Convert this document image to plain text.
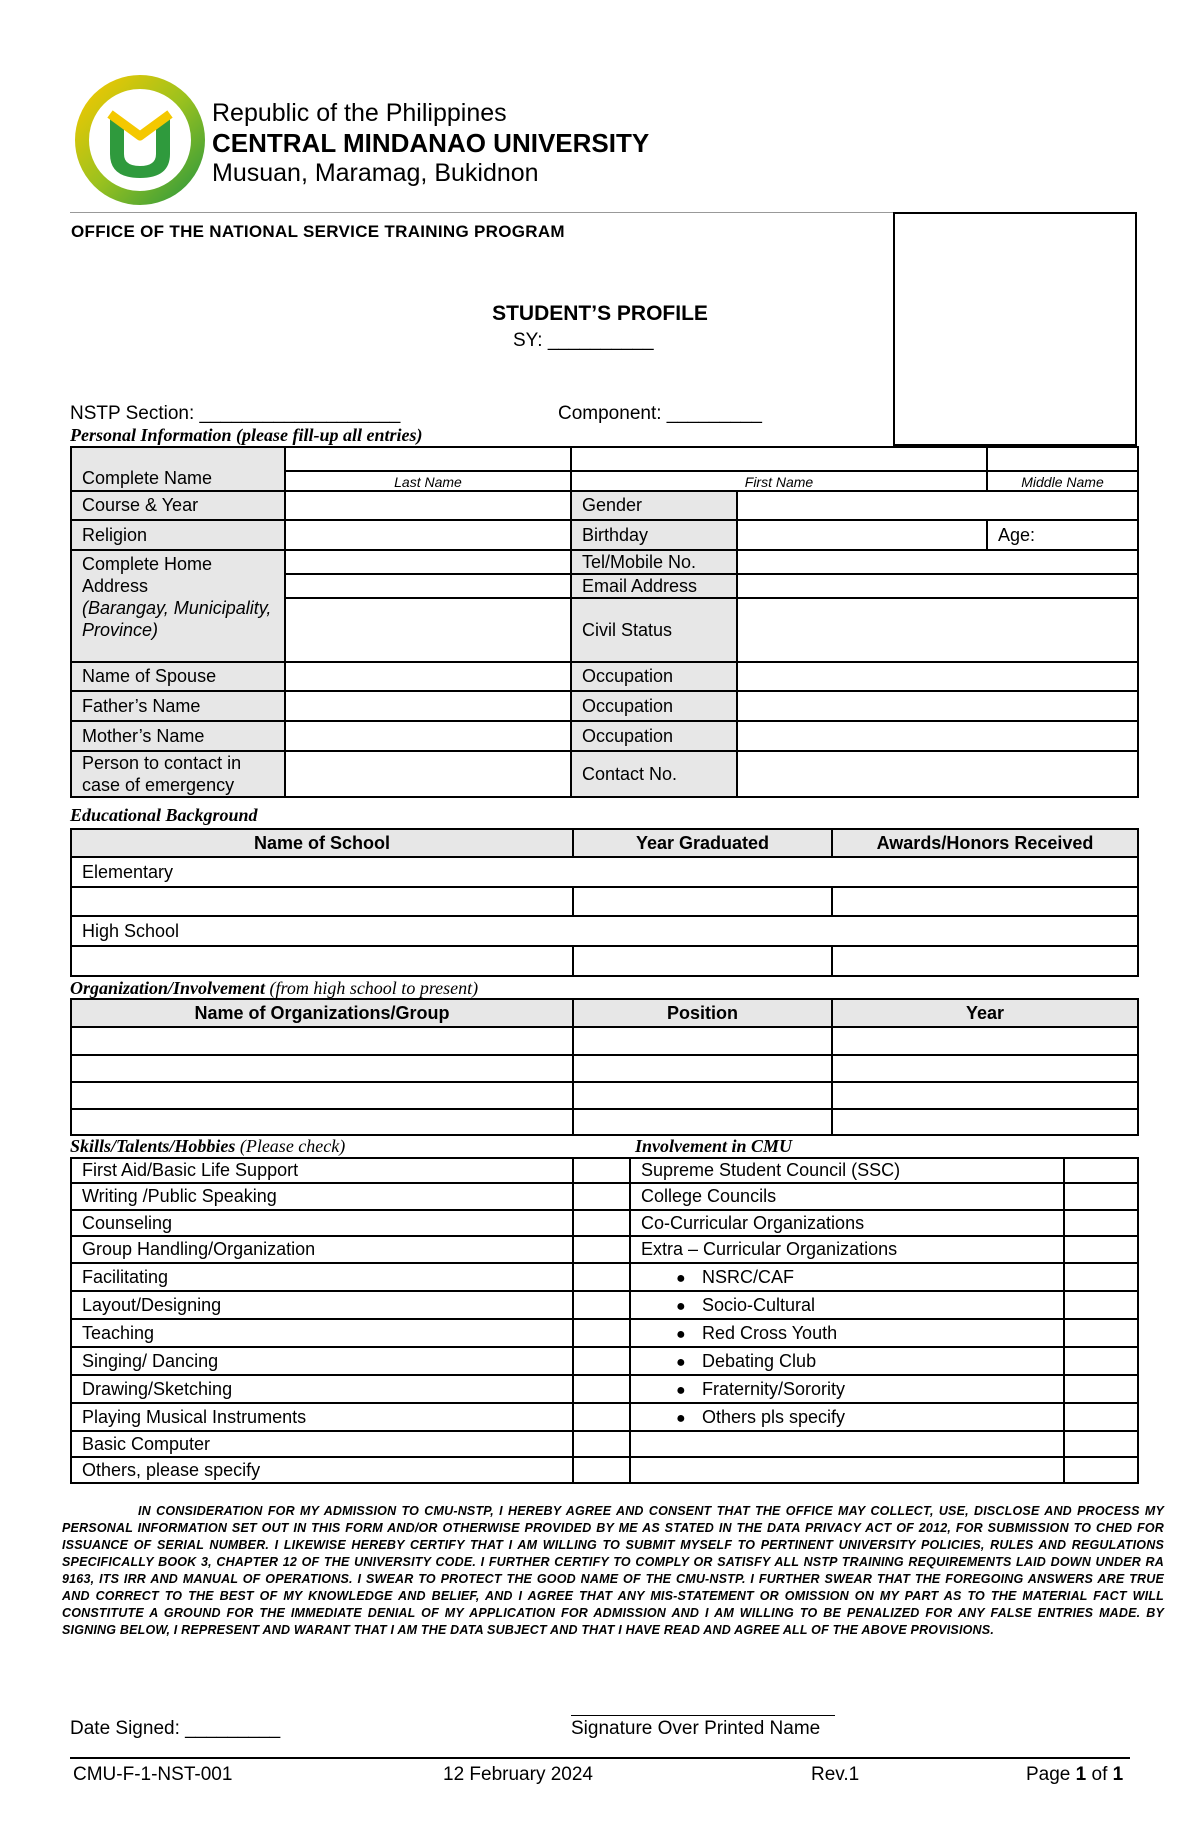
Republic of the Philippines
CENTRAL MINDANAO UNIVERSITY
Musuan, Maramag, Bukidnon
OFFICE OF THE NATIONAL SERVICE TRAINING PROGRAM
STUDENT’S PROFILE
SY: __________
NSTP Section: ___________________	Component: _________
Personal Information (please fill-up all entries)
Complete Name				
	Last Name	First Name		Middle Name
Course & Year		Gender		
Religion		Birthday		Age:
Complete Home Address
(Barangay, Municipality, Province)		Tel/Mobile No.		
		Email Address		
		Civil Status		
Name of Spouse		Occupation		
Father’s Name		Occupation		
Mother’s Name		Occupation		
Person to contact in case of emergency		Contact No.		
Educational Background
Name of School	Year Graduated	Awards/Honors Received
Elementary		

High School		

Organization/Involvement (from high school to present)
Name of Organizations/Group	Position	Year

Skills/Talents/Hobbies (Please check)	Involvement in CMU
First Aid/Basic Life Support		Supreme Student Council (SSC)	
Writing /Public Speaking		College Councils	
Counseling		Co-Curricular Organizations	
Group Handling/Organization		Extra – Curricular Organizations	
Facilitating		● NSRC/CAF	
Layout/Designing		● Socio-Cultural	
Teaching		● Red Cross Youth	
Singing/ Dancing		● Debating Club	
Drawing/Sketching		● Fraternity/Sorority	
Playing Musical Instruments		● Others pls specify	
Basic Computer			
Others, please specify			
IN CONSIDERATION FOR MY ADMISSION TO CMU-NSTP, I HEREBY AGREE AND CONSENT THAT THE OFFICE MAY COLLECT, USE, DISCLOSE AND PROCESS MY PERSONAL INFORMATION SET OUT IN THIS FORM AND/OR OTHERWISE PROVIDED BY ME AS STATED IN THE DATA PRIVACY ACT OF 2012, FOR SUBMISSION TO CHED FOR ISSUANCE OF SERIAL NUMBER. I LIKEWISE HEREBY CERTIFY THAT I AM WILLING TO SUBMIT MYSELF TO PERTINENT UNIVERSITY POLICIES, RULES AND REGULATIONS SPECIFICALLY BOOK 3, CHAPTER 12 OF THE UNIVERSITY CODE. I FURTHER CERTIFY TO COMPLY OR SATISFY ALL NSTP TRAINING REQUIREMENTS LAID DOWN UNDER RA 9163, ITS IRR AND MANUAL OF OPERATIONS. I SWEAR TO PROTECT THE GOOD NAME OF THE CMU-NSTP. I FURTHER SWEAR THAT THE FOREGOING ANSWERS ARE TRUE AND CORRECT TO THE BEST OF MY KNOWLEDGE AND BELIEF, AND I AGREE THAT ANY MIS-STATEMENT OR OMISSION ON MY PART AS TO THE MATERIAL FACT WILL CONSTITUTE A GROUND FOR THE IMMEDIATE DENIAL OF MY APPLICATION FOR ADMISSION AND I AM WILLING TO BE PENALIZED FOR ANY FALSE ENTRIES MADE. BY SIGNING BELOW, I REPRESENT AND WARANT THAT I AM THE DATA SUBJECT AND THAT I HAVE READ AND AGREE ALL OF THE ABOVE PROVISIONS.
Date Signed: _________	Signature Over Printed Name
CMU-F-1-NST-001	12 February 2024	Rev.1	Page 1 of 1
